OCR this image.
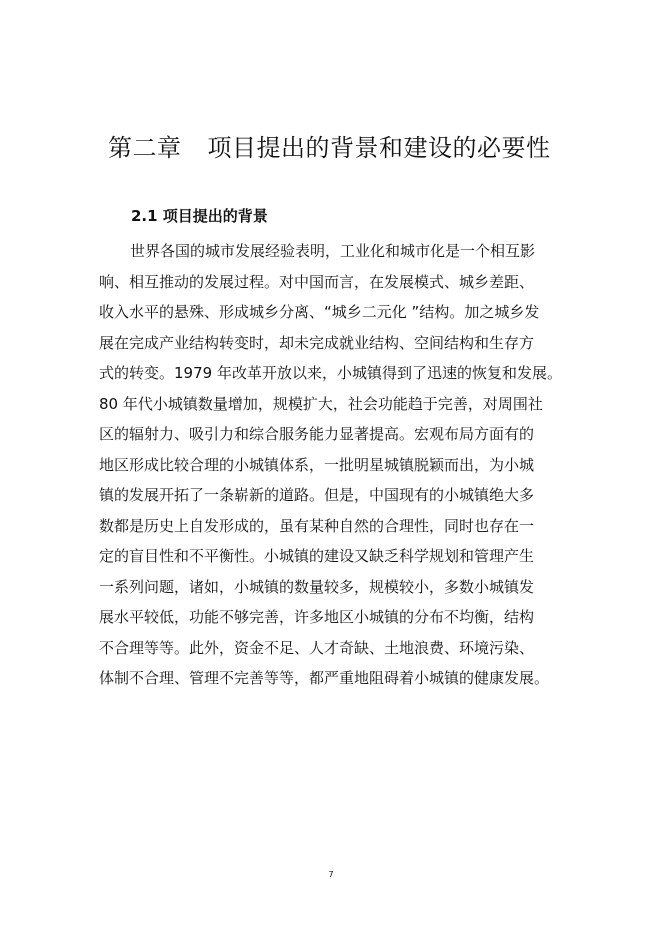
第二章 项目提出的背景和建设的必要性
2.1 项目提出的背景
世界各国的城市发展经验表明，工业化和城市化是一个相互影
响、相互推动的发展过程。对中国而言，在发展模式、城乡差距、
收入水平的悬殊、形成城乡分离、“城乡二元化 ”结构。加之城乡发
展在完成产业结构转变时，却未完成就业结构、空间结构和生存方
式的转变。1979 年改革开放以来，小城镇得到了迅速的恢复和发展。
80 年代小城镇数量增加，规模扩大，社会功能趋于完善，对周围社
区的辐射力、吸引力和综合服务能力显著提高。宏观布局方面有的
地区形成比较合理的小城镇体系，一批明星城镇脱颖而出，为小城
镇的发展开拓了一条崭新的道路。但是，中国现有的小城镇绝大多
数都是历史上自发形成的，虽有某种自然的合理性，同时也存在一
定的盲目性和不平衡性。小城镇的建设又缺乏科学规划和管理产生
一系列问题，诸如，小城镇的数量较多，规模较小，多数小城镇发
展水平较低，功能不够完善，许多地区小城镇的分布不均衡，结构
不合理等等。此外，资金不足、人才奇缺、土地浪费、环境污染、
体制不合理、管理不完善等等，都严重地阻碍着小城镇的健康发展。
7
